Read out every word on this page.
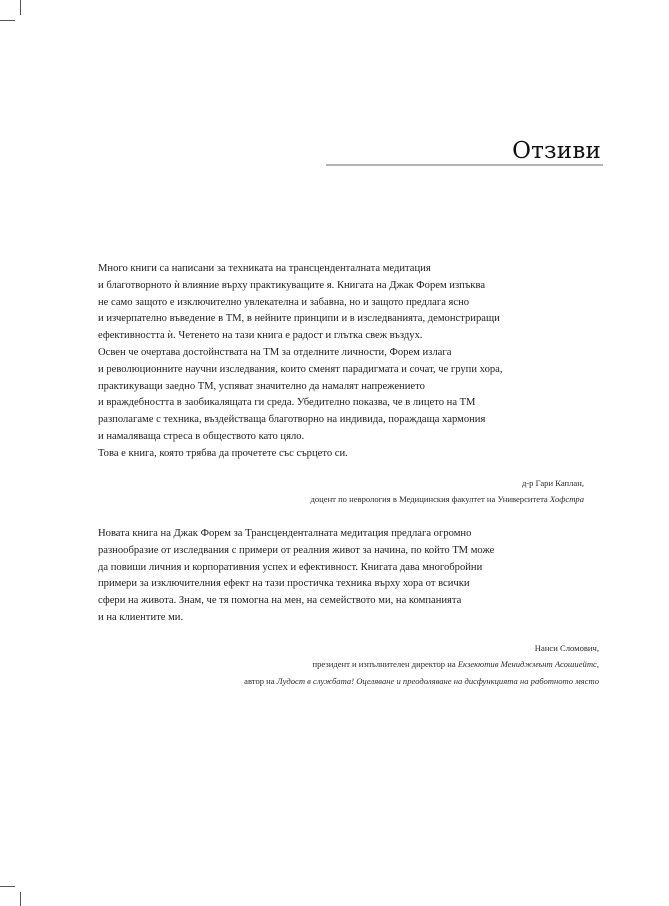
Отзиви
Много книги са написани за техниката на трансценденталната медитация
и благотворното ѝ влияние върху практикуващите я. Книгата на Джак Форем изпъква
не само защото е изключително увлекателна и забавна, но и защото предлага ясно
и изчерпателно въведение в ТМ, в нейните принципи и в изследванията, демонстриращи
ефективността ѝ. Четенето на тази книга е радост и глътка свеж въздух.
Освен че очертава достойнствата на ТМ за отделните личности, Форем излага
и революционните научни изследвания, които сменят парадигмата и сочат, че групи хора,
практикуващи заедно ТМ, успяват значително да намалят напрежението
и враждебността в заобикалящата ги среда. Убедително показва, че в лицето на ТМ
разполагаме с техника, въздействаща благотворно на индивида, пораждаща хармония
и намаляваща стреса в обществото като цяло.
Това е книга, която трябва да прочетете със сърцето си.
д-р Гари Каплан,
доцент по неврология в Медицинския факултет на Университета Хофстра
Новата книга на Джак Форем за Трансценденталната медитация предлага огромно
разнообразие от изследвания с примери от реалния живот за начина, по който ТМ може
да повиши личния и корпоративния успех и ефективност. Книгата дава многобройни
примери за изключителния ефект на тази простичка техника върху хора от всички
сфери на живота. Знам, че тя помогна на мен, на семейството ми, на компанията
и на клиентите ми.
Нанси Сломович,
президент и изпълнителен директор на Екзекютив Мениджмънт Асошиейтс,
автор на Лудост в службата! Оцеляване и преодоляване на дисфункцията на работното място
